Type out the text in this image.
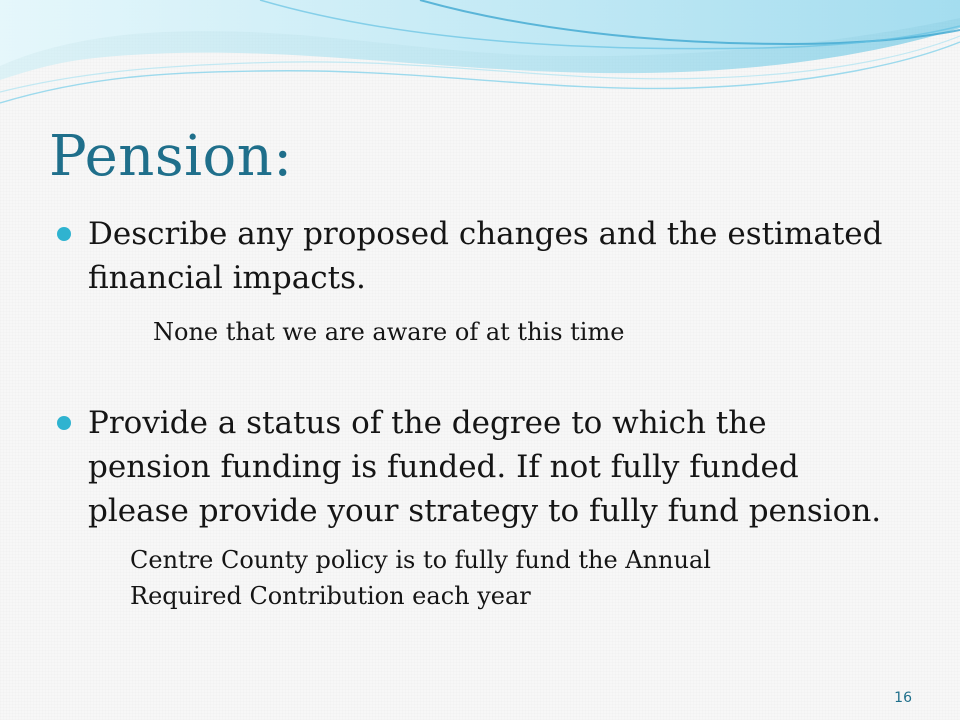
Pension:
Describe any proposed changes and the estimated financial impacts.
None that we are aware of at this time
Provide a status of the degree to which the pension funding is funded. If not fully funded please provide your strategy to fully fund pension.
Centre County policy is to fully fund the Annual Required Contribution each year
16
